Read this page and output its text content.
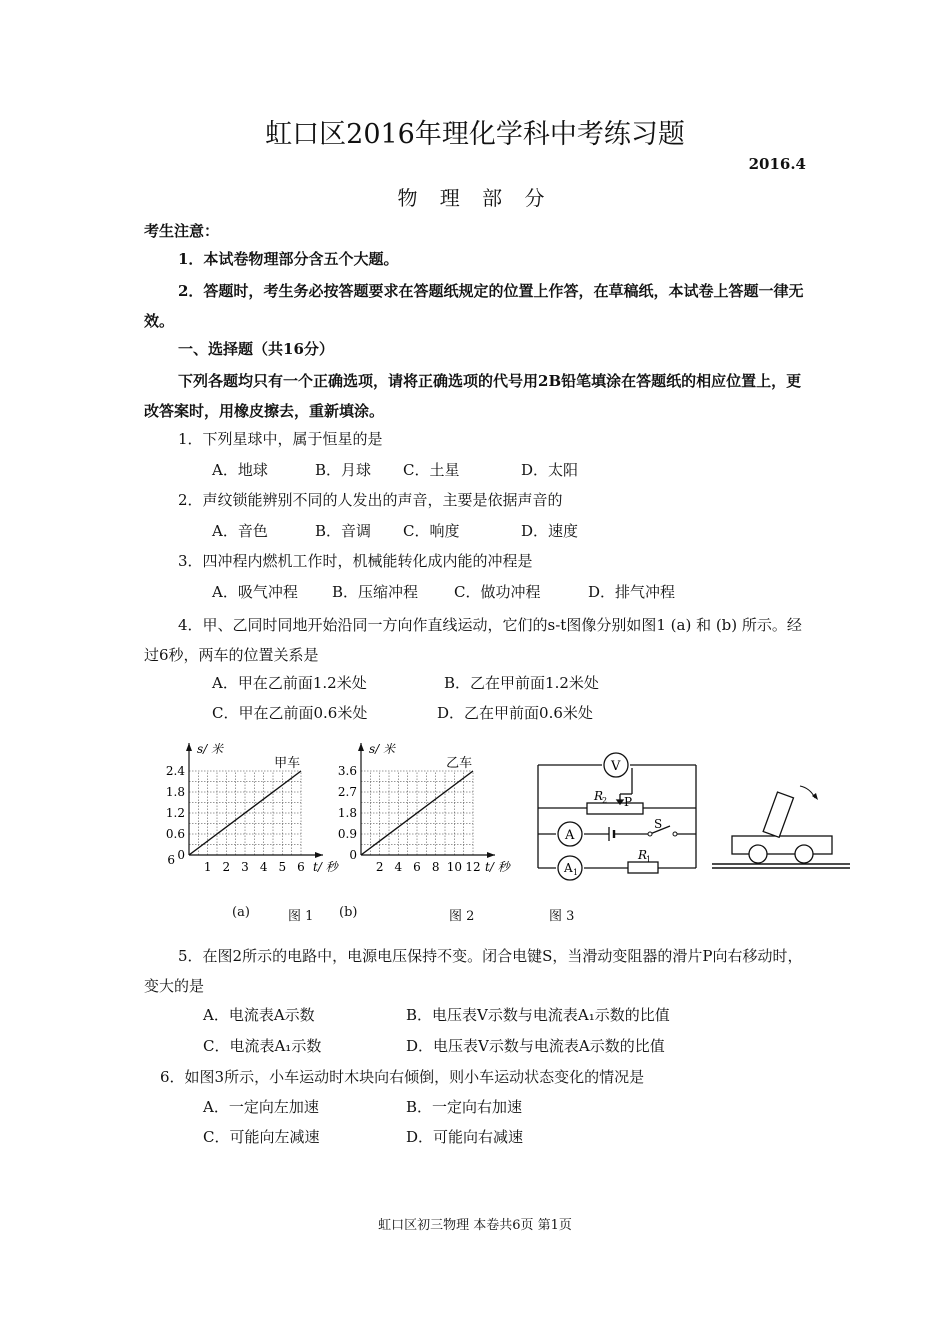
虹口区2016年理化学科中考练习题
2016.4
物 理 部 分
考生注意：
1．本试卷物理部分含五个大题。
2．答题时，考生务必按答题要求在答题纸规定的位置上作答，在草稿纸，本试卷上答题一律无效。
一、选择题（共16分）
下列各题均只有一个正确选项，请将正确选项的代号用2B铅笔填涂在答题纸的相应位置上，更改答案时，用橡皮擦去，重新填涂。
1．下列星球中，属于恒星的是
A．地球	B．月球 C．土星	D．太阳
2．声纹锁能辨别不同的人发出的声音，主要是依据声音的
A．音色	B．音调 C．响度	D．速度
3．四冲程内燃机工作时，机械能转化成内能的冲程是
A．吸气冲程 B．压缩冲程 C．做功冲程	D．排气冲程
4．甲、乙同时同地开始沿同一方向作直线运动，它们的s-t图像分别如图1 (a) 和 (b) 所示。经过6秒，两车的位置关系是
A．甲在乙前面1.2米处	B．乙在甲前面1.2米处
C．甲在乙前面0.6米处	D．乙在甲前面0.6米处
1 2 3 4 5 6
0.6
1.2
1.8
2.4
0
6
s/ 米
t/ 秒
甲车
2 4 6 8 10 12
0.9
1.8
2.7
3.6
0
s/ 米
t/ 秒
乙车	V
A
A 1
R
2 P
S
R
1
(a)	图 1 (b)	图 2	图 3
5．在图2所示的电路中，电源电压保持不变。闭合电键S，当滑动变阻器的滑片P向右移动时，变大的是
A．电流表A示数	B．电压表V示数与电流表A₁示数的比值
C．电流表A₁示数	D．电压表V示数与电流表A示数的比值
6．如图3所示，小车运动时木块向右倾倒，则小车运动状态变化的情况是
A．一定向左加速	B．一定向右加速
C．可能向左减速	D．可能向右减速
虹口区初三物理 本卷共6页 第1页
